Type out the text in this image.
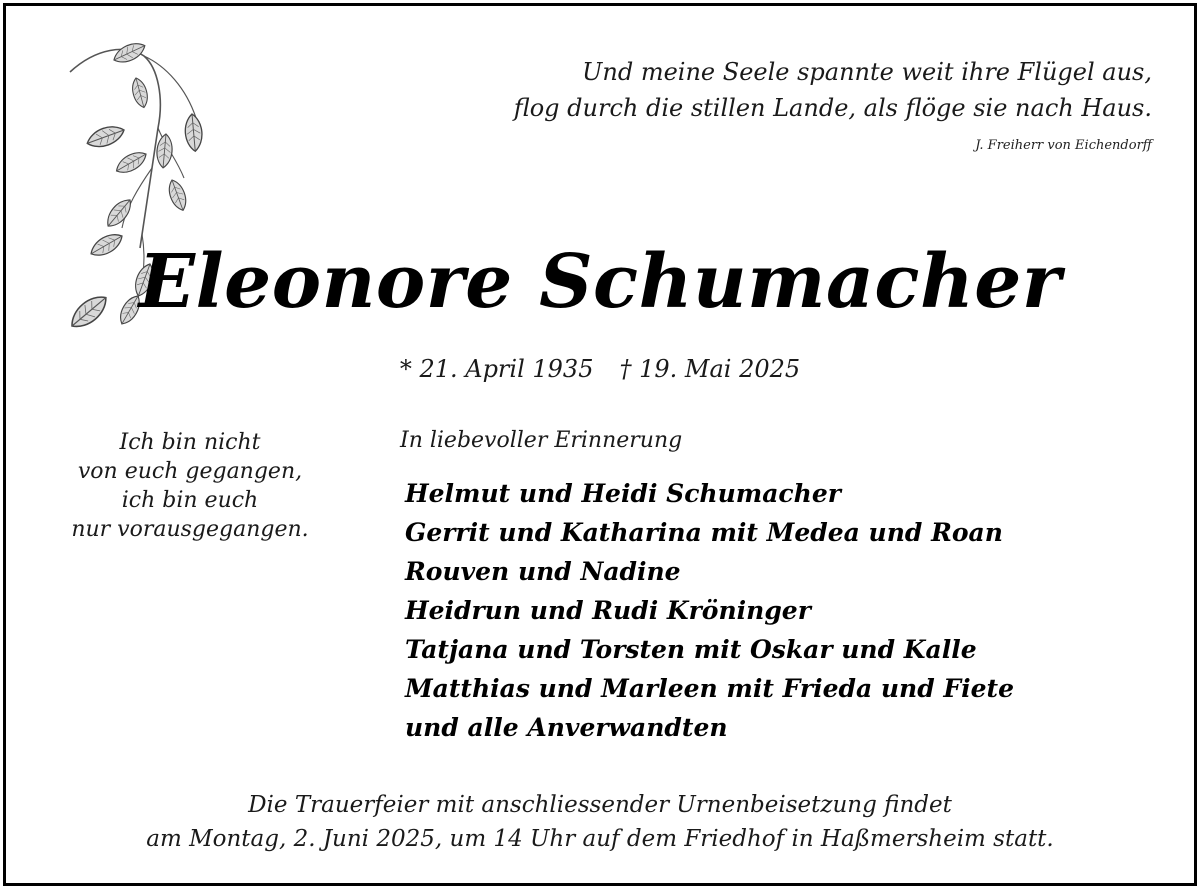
Und meine Seele spannte weit ihre Flügel aus,
flog durch die stillen Lande, als flöge sie nach Haus.
J. Freiherr von Eichendorff
Eleonore Schumacher
* 21. April 1935 † 19. Mai 2025
Ich bin nicht
von euch gegangen,
ich bin euch
nur vorausgegangen.
In liebevoller Erinnerung
Helmut und Heidi Schumacher
Gerrit und Katharina mit Medea und Roan
Rouven und Nadine
Heidrun und Rudi Kröninger
Tatjana und Torsten mit Oskar und Kalle
Matthias und Marleen mit Frieda und Fiete
und alle Anverwandten
Die Trauerfeier mit anschliessender Urnenbeisetzung findet
am Montag, 2. Juni 2025, um 14 Uhr auf dem Friedhof in Haßmersheim statt.
